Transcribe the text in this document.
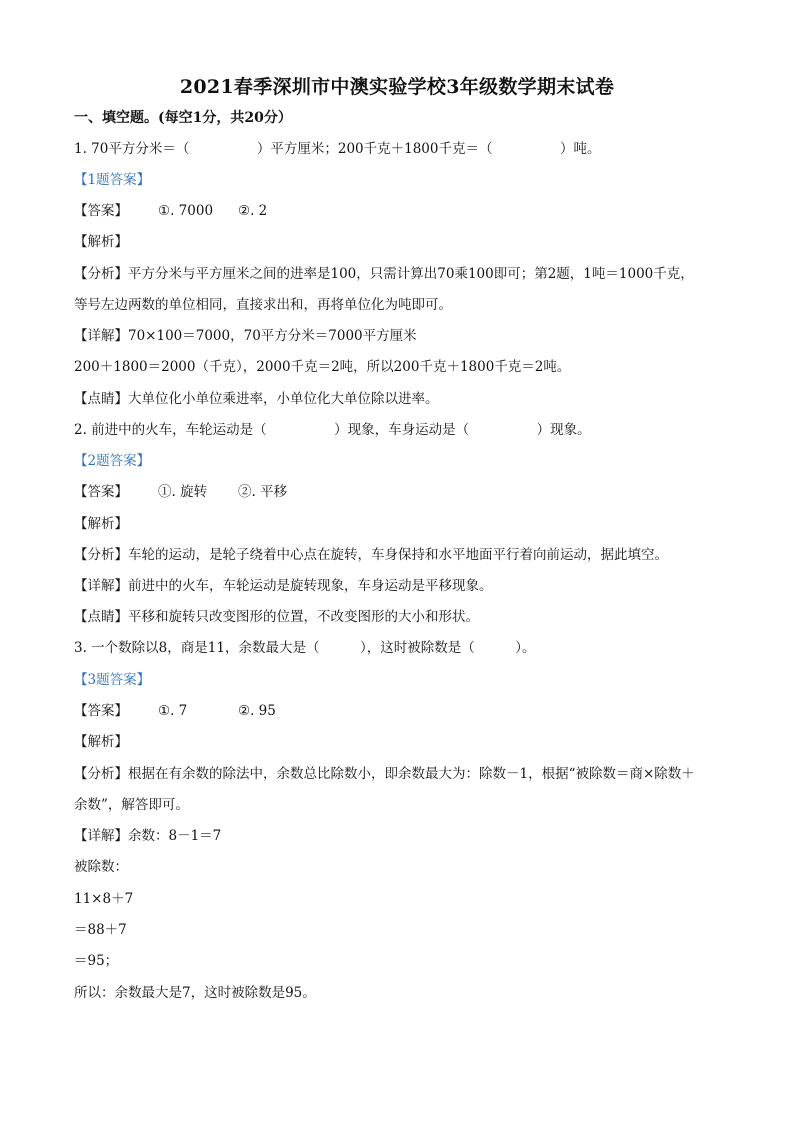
2021春季深圳市中澳实验学校3年级数学期末试卷
一、填空题。(每空1分，共20分）
1. 70平方分米＝（　　　　　）平方厘米；200千克＋1800千克＝（　　　　　）吨。
【1题答案】
【答案】 ①. 7000 ②. 2
【解析】
【分析】平方分米与平方厘米之间的进率是100，只需计算出70乘100即可；第2题，1吨＝1000千克，
等号左边两数的单位相同，直接求出和，再将单位化为吨即可。
【详解】70×100＝7000，70平方分米＝7000平方厘米
200＋1800＝2000（千克），2000千克＝2吨，所以200千克＋1800千克＝2吨。
【点睛】大单位化小单位乘进率，小单位化大单位除以进率。
2. 前进中的火车，车轮运动是（　　　　　）现象，车身运动是（　　　　　）现象。
【2题答案】
【答案】 ①. 旋转 ②. 平移
【解析】
【分析】车轮的运动，是轮子绕着中心点在旋转，车身保持和水平地面平行着向前运动，据此填空。
【详解】前进中的火车，车轮运动是旋转现象，车身运动是平移现象。
【点睛】平移和旋转只改变图形的位置，不改变图形的大小和形状。
3. 一个数除以8，商是11，余数最大是（　　　），这时被除数是（　　　）。
【3题答案】
【答案】 ①. 7	②. 95
【解析】
【分析】根据在有余数的除法中，余数总比除数小，即余数最大为：除数－1，根据“被除数＝商×除数＋
余数”，解答即可。
【详解】余数：8－1＝7
被除数：
11×8＋7
＝88＋7
＝95；
所以：余数最大是7，这时被除数是95。
